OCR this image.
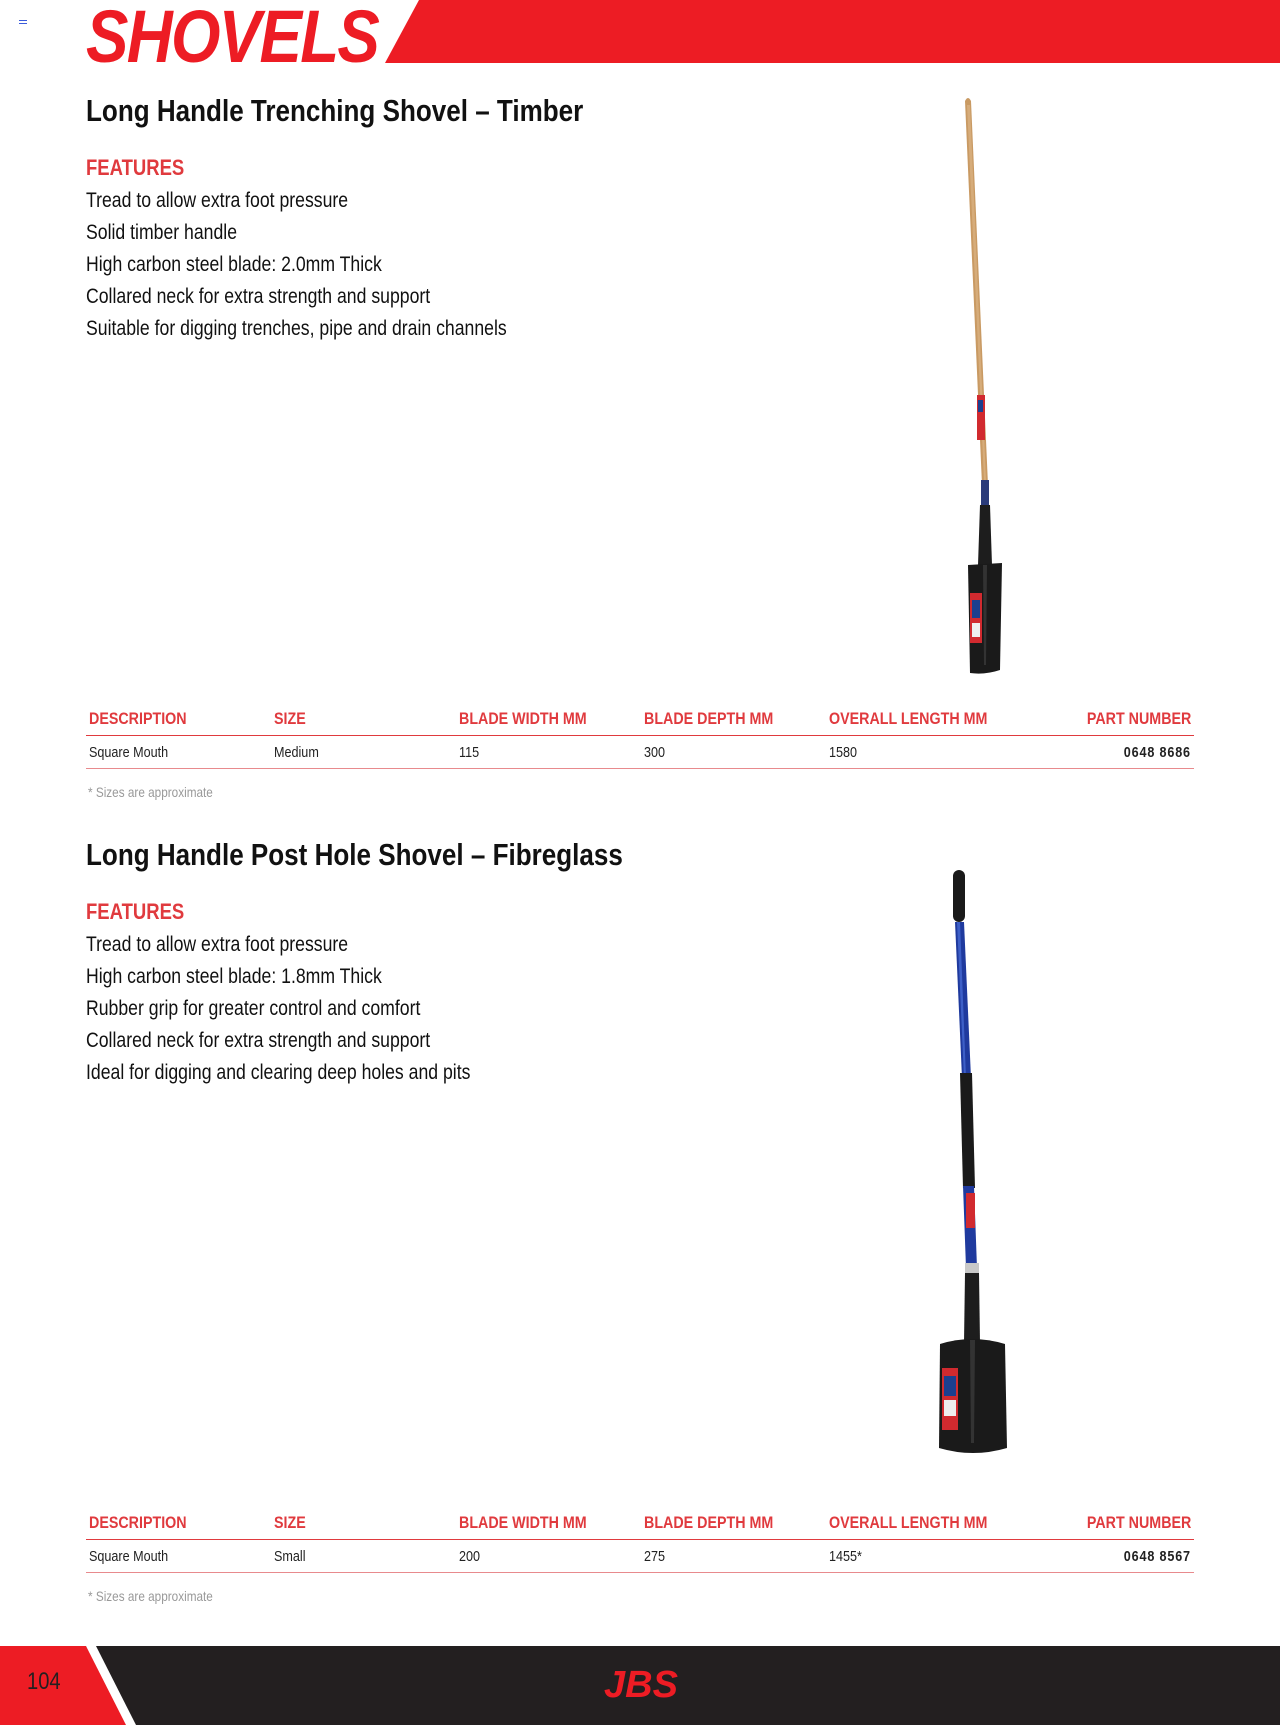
SHOVELS
Long Handle Trenching Shovel – Timber
FEATURES
Tread to allow extra foot pressure
Solid timber handle
High carbon steel blade: 2.0mm Thick
Collared neck for extra strength and support
Suitable for digging trenches, pipe and drain channels
DESCRIPTION	SIZE	BLADE WIDTH MM	BLADE DEPTH MM	OVERALL LENGTH MM	PART NUMBER
Square Mouth	Medium	115	300	1580	0648 8686
* Sizes are approximate
Long Handle Post Hole Shovel – Fibreglass
FEATURES
Tread to allow extra foot pressure
High carbon steel blade: 1.8mm Thick
Rubber grip for greater control and comfort
Collared neck for extra strength and support
Ideal for digging and clearing deep holes and pits
DESCRIPTION	SIZE	BLADE WIDTH MM	BLADE DEPTH MM	OVERALL LENGTH MM	PART NUMBER
Square Mouth	Small	200	275	1455*	0648 8567
* Sizes are approximate
104	JBS
